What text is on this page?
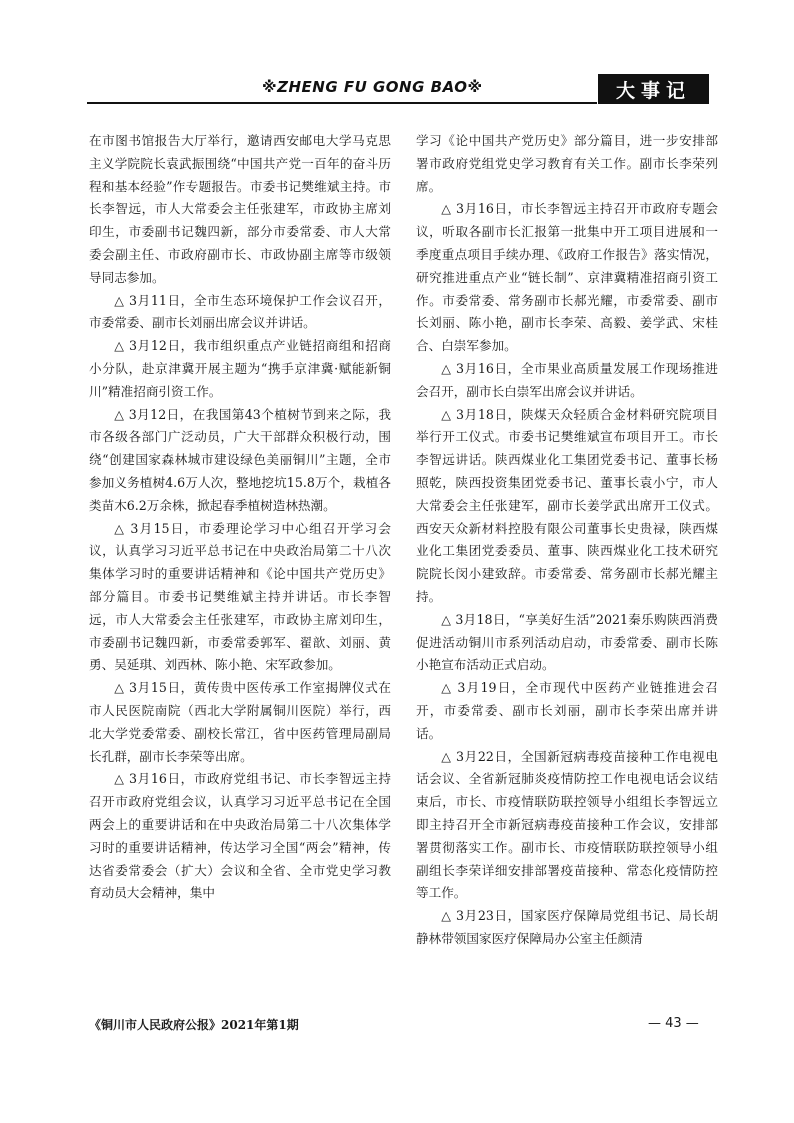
※ZHENG FU GONG BAO※	大事记

在市图书馆报告大厅举行，邀请西安邮电大学马克思主义学院院长袁武振围绕“中国共产党一百年的奋斗历程和基本经验”作专题报告。市委书记樊维斌主持。市长李智远，市人大常委会主任张建军，市政协主席刘印生，市委副书记魏四新，部分市委常委、市人大常委会副主任、市政府副市长、市政协副主席等市级领导同志参加。

△ 3月11日，全市生态环境保护工作会议召开，市委常委、副市长刘丽出席会议并讲话。

△ 3月12日，我市组织重点产业链招商组和招商小分队，赴京津冀开展主题为“携手京津冀·赋能新铜川”精准招商引资工作。

△ 3月12日，在我国第43个植树节到来之际，我市各级各部门广泛动员，广大干部群众积极行动，围绕“创建国家森林城市建设绿色美丽铜川”主题，全市参加义务植树4.6万人次，整地挖坑15.8万个，栽植各类苗木6.2万余株，掀起春季植树造林热潮。

△ 3月15日，市委理论学习中心组召开学习会议，认真学习习近平总书记在中央政治局第二十八次集体学习时的重要讲话精神和《论中国共产党历史》部分篇目。市委书记樊维斌主持并讲话。市长李智远，市人大常委会主任张建军，市政协主席刘印生，市委副书记魏四新，市委常委郭军、翟歆、刘丽、黄勇、吴延琪、刘西林、陈小艳、宋军政参加。

△ 3月15日，黄传贵中医传承工作室揭牌仪式在市人民医院南院（西北大学附属铜川医院）举行，西北大学党委常委、副校长常江，省中医药管理局副局长孔群，副市长李荣等出席。

△ 3月16日，市政府党组书记、市长李智远主持召开市政府党组会议，认真学习习近平总书记在全国两会上的重要讲话和在中央政治局第二十八次集体学习时的重要讲话精神，传达学习全国“两会”精神，传达省委常委会（扩大）会议和全省、全市党史学习教育动员大会精神，集中

学习《论中国共产党历史》部分篇目，进一步安排部署市政府党组党史学习教育有关工作。副市长李荣列席。

△ 3月16日，市长李智远主持召开市政府专题会议，听取各副市长汇报第一批集中开工项目进展和一季度重点项目手续办理、《政府工作报告》落实情况，研究推进重点产业“链长制”、京津冀精准招商引资工作。市委常委、常务副市长郝光耀，市委常委、副市长刘丽、陈小艳，副市长李荣、高毅、姜学武、宋桂合、白崇军参加。

△ 3月16日，全市果业高质量发展工作现场推进会召开，副市长白崇军出席会议并讲话。

△ 3月18日，陕煤天众轻质合金材料研究院项目举行开工仪式。市委书记樊维斌宣布项目开工。市长李智远讲话。陕西煤业化工集团党委书记、董事长杨照乾，陕西投资集团党委书记、董事长袁小宁，市人大常委会主任张建军，副市长姜学武出席开工仪式。西安天众新材料控股有限公司董事长史贵禄，陕西煤业化工集团党委委员、董事、陕西煤业化工技术研究院院长闵小建致辞。市委常委、常务副市长郝光耀主持。

△ 3月18日，“享美好生活”2021秦乐购陕西消费促进活动铜川市系列活动启动，市委常委、副市长陈小艳宣布活动正式启动。

△ 3月19日，全市现代中医药产业链推进会召开，市委常委、副市长刘丽，副市长李荣出席并讲话。

△ 3月22日，全国新冠病毒疫苗接种工作电视电话会议、全省新冠肺炎疫情防控工作电视电话会议结束后，市长、市疫情联防联控领导小组组长李智远立即主持召开全市新冠病毒疫苗接种工作会议，安排部署贯彻落实工作。副市长、市疫情联防联控领导小组副组长李荣详细安排部署疫苗接种、常态化疫情防控等工作。

△ 3月23日，国家医疗保障局党组书记、局长胡静林带领国家医疗保障局办公室主任颜清

《铜川市人民政府公报》2021年第1期	— 43 —
